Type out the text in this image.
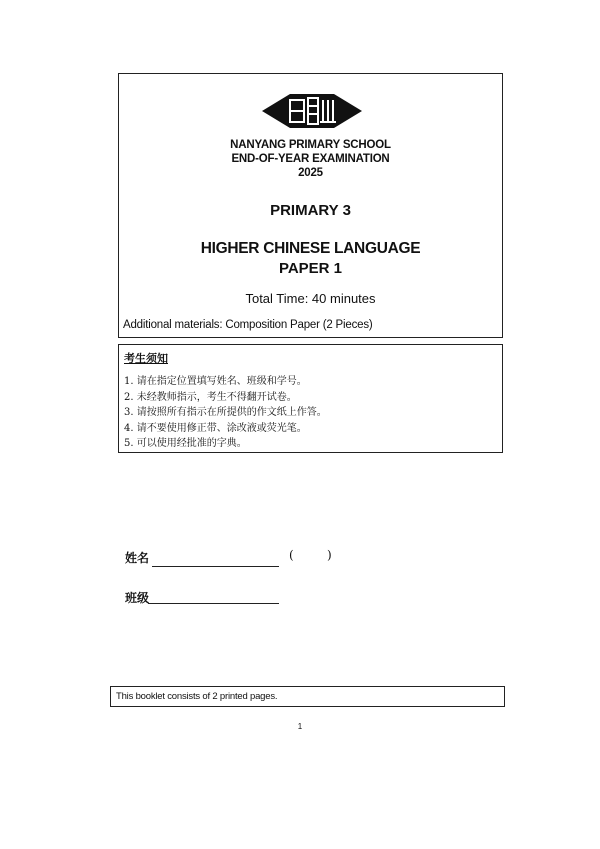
NANYANG PRIMARY SCHOOL
END-OF-YEAR EXAMINATION
2025
PRIMARY 3
HIGHER CHINESE LANGUAGE
PAPER 1
Total Time: 40 minutes
Additional materials: Composition Paper (2 Pieces)
考生须知
1. 请在指定位置填写姓名、班级和学号。
2. 未经教师指示，考生不得翻开试卷。
3. 请按照所有指示在所提供的作文纸上作答。
4. 请不要使用修正带、涂改液或荧光笔。
5. 可以使用经批准的字典。
姓名	(	)
班级
This booklet consists of 2 printed pages.
1
